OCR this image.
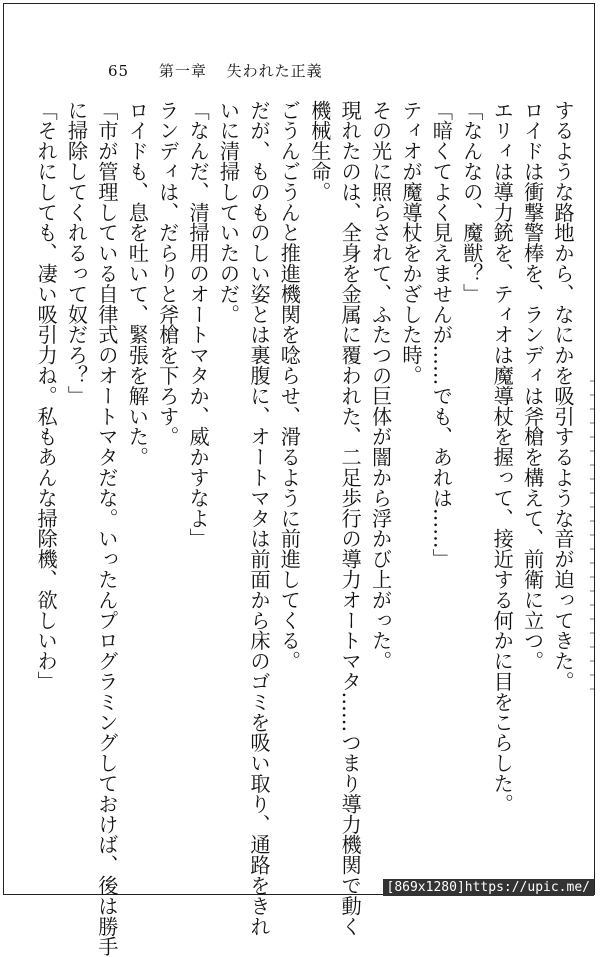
65 第一章 失われた正義

するような路地から、なにかを吸引するような音が迫ってきた。

ロイドは衝撃警棒を、ランディは斧槍を構えて、前衛に立つ。

エリィは導力銃を、ティオは魔導杖を握って、接近する何かに目をこらした。

「なんなの、魔獣？」

「暗くてよく見えませんが……でも、あれは……」

ティオが魔導杖をかざした時。

その光に照らされて、ふたつの巨体が闇から浮かび上がった。

現れたのは、全身を金属に覆われた、二足歩行の導力オートマタ……つまり導力機関で動く

機械生命。

ごうんごうんと推進機関を唸らせ、滑るように前進してくる。

だが、ものものしい姿とは裏腹に、オートマタは前面から床のゴミを吸い取り、通路をきれ

いに清掃していたのだ。

「なんだ、清掃用のオートマタか、威かすなよ」

ランディは、だらりと斧槍を下ろす。

ロイドも、息を吐いて、緊張を解いた。

「市が管理している自律式のオートマタだな。いったんプログラミングしておけば、後は勝手

に掃除してくれるって奴だろ？」

「それにしても、凄い吸引力ね。私もあんな掃除機、欲しいわ」

[869x1280]https://upic.me/
